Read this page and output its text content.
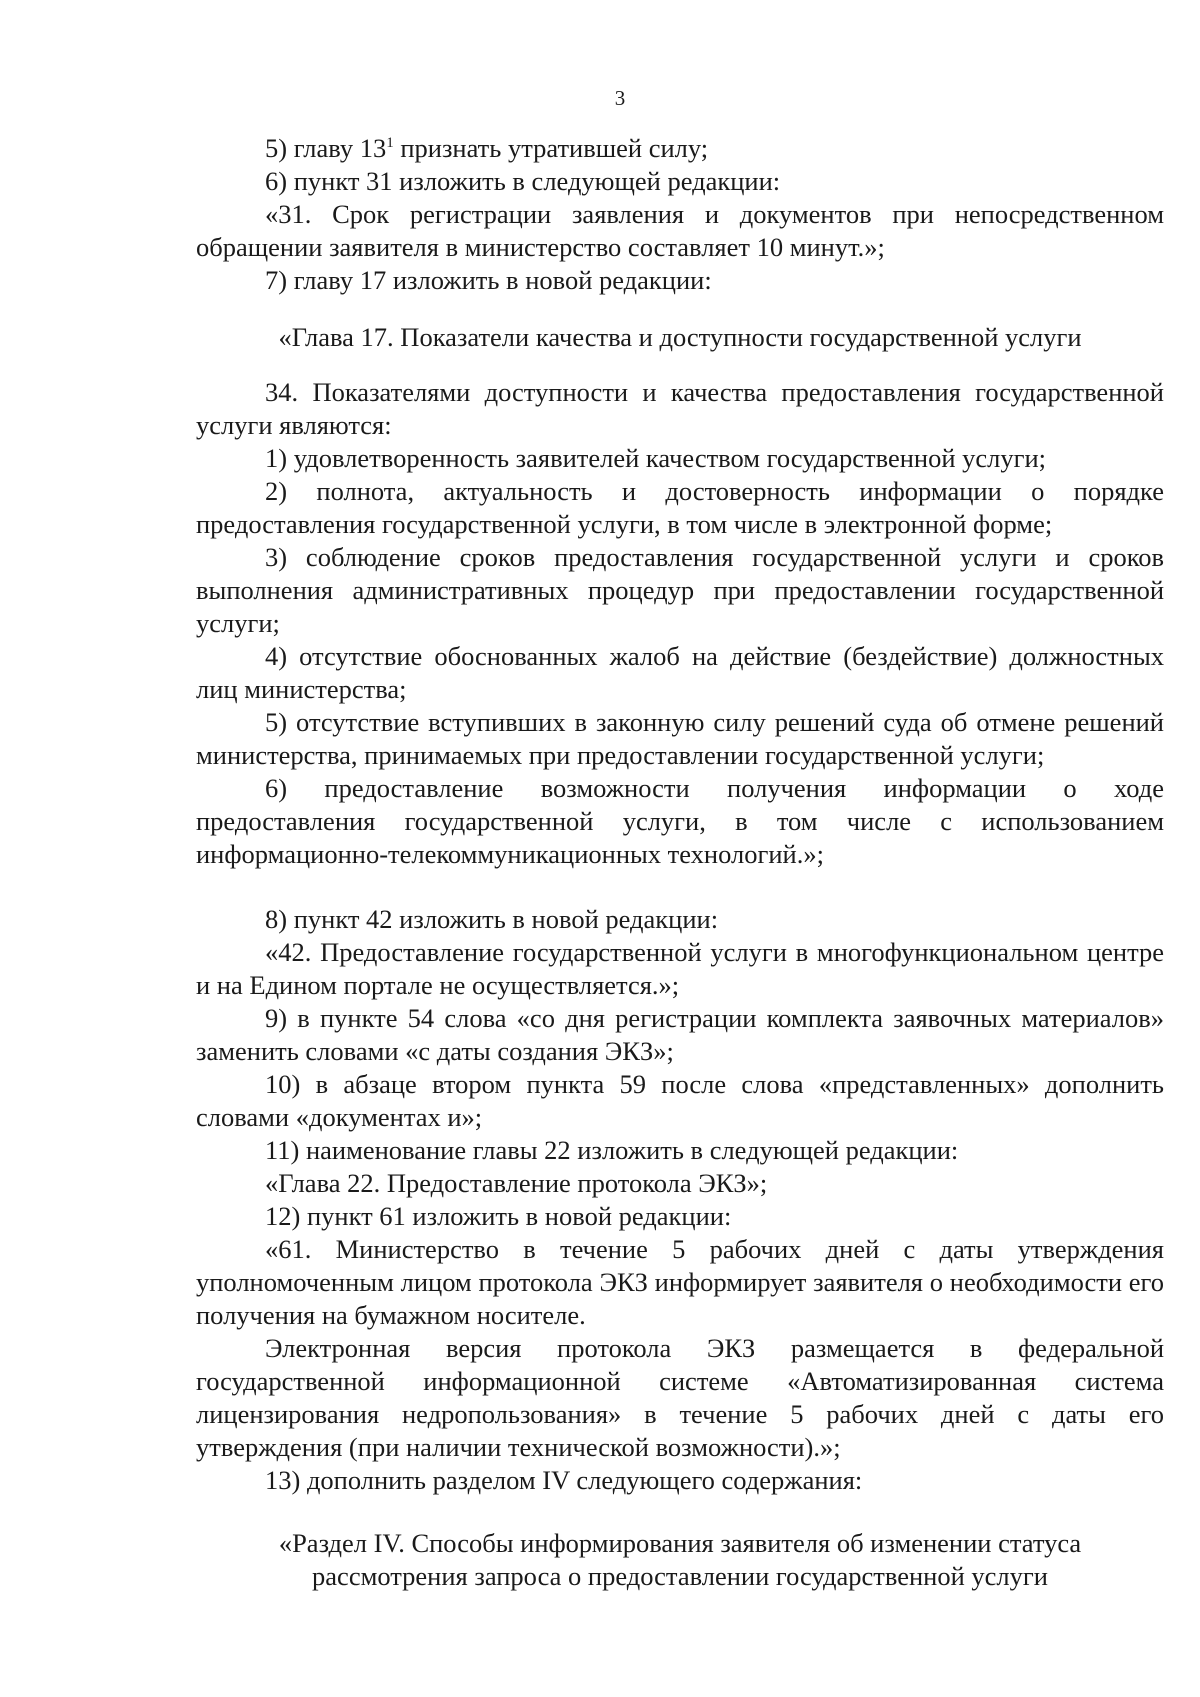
3

5) главу $13^1$ признать утратившей силу;

6) пункт 31 изложить в следующей редакции:

«31. Срок регистрации заявления и документов при непосредственном обращении заявителя в министерство составляет 10 минут.»;

7) главу 17 изложить в новой редакции:

«Глава 17. Показатели качества и доступности государственной услуги

34. Показателями доступности и качества предоставления государственной услуги являются:

1) удовлетворенность заявителей качеством государственной услуги;

2) полнота, актуальность и достоверность информации о порядке предоставления государственной услуги, в том числе в электронной форме;

3) соблюдение сроков предоставления государственной услуги и сроков выполнения административных процедур при предоставлении государственной услуги;

4) отсутствие обоснованных жалоб на действие (бездействие) должностных лиц министерства;

5) отсутствие вступивших в законную силу решений суда об отмене решений министерства, принимаемых при предоставлении государственной услуги;

6) предоставление возможности получения информации о ходе предоставления государственной услуги, в том числе с использованием информационно-телекоммуникационных технологий.»;

8) пункт 42 изложить в новой редакции:

«42. Предоставление государственной услуги в многофункциональном центре и на Едином портале не осуществляется.»;

9) в пункте 54 слова «со дня регистрации комплекта заявочных материалов» заменить словами «с даты создания ЭКЗ»;

10) в абзаце втором пункта 59 после слова «представленных» дополнить словами «документах и»;

11) наименование главы 22 изложить в следующей редакции:

«Глава 22. Предоставление протокола ЭКЗ»;

12) пункт 61 изложить в новой редакции:

«61. Министерство в течение 5 рабочих дней с даты утверждения уполномоченным лицом протокола ЭКЗ информирует заявителя о необходимости его получения на бумажном носителе.

Электронная версия протокола ЭКЗ размещается в федеральной государственной информационной системе «Автоматизированная система лицензирования недропользования» в течение 5 рабочих дней с даты его утверждения (при наличии технической возможности).»;

13) дополнить разделом IV следующего содержания:

«Раздел IV. Способы информирования заявителя об изменении статуса

рассмотрения запроса о предоставлении государственной услуги
